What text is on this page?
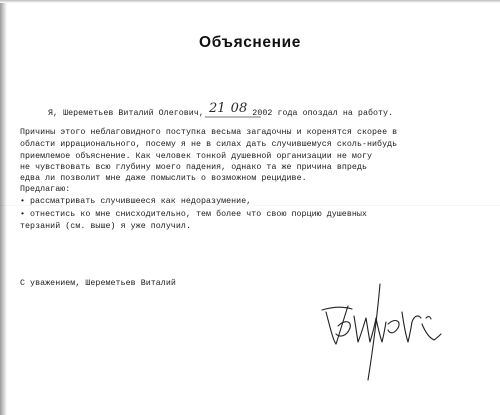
Объяснение
Я, Шереметьев Виталий Олегович, 21 08
2002 года опоздал на работу.
Причины этого неблаговидного поступка весьма загадочны и коренятся скорее в
области иррационального, посему я не в силах дать случившемуся сколь-нибудь
приемлемое объяснение. Как человек тонкой душевной организации не могу
не чувствовать всю глубину моего падения, однако та же причина впредь
едва ли позволит мне даже помыслить о возможном рецидиве.
Предлагаю:
• рассматривать случившееся как недоразумение,
• отнестись ко мне снисходительно, тем более что свою порцию душевных
терзаний (см. выше) я уже получил.
С уважением, Шереметьев Виталий
